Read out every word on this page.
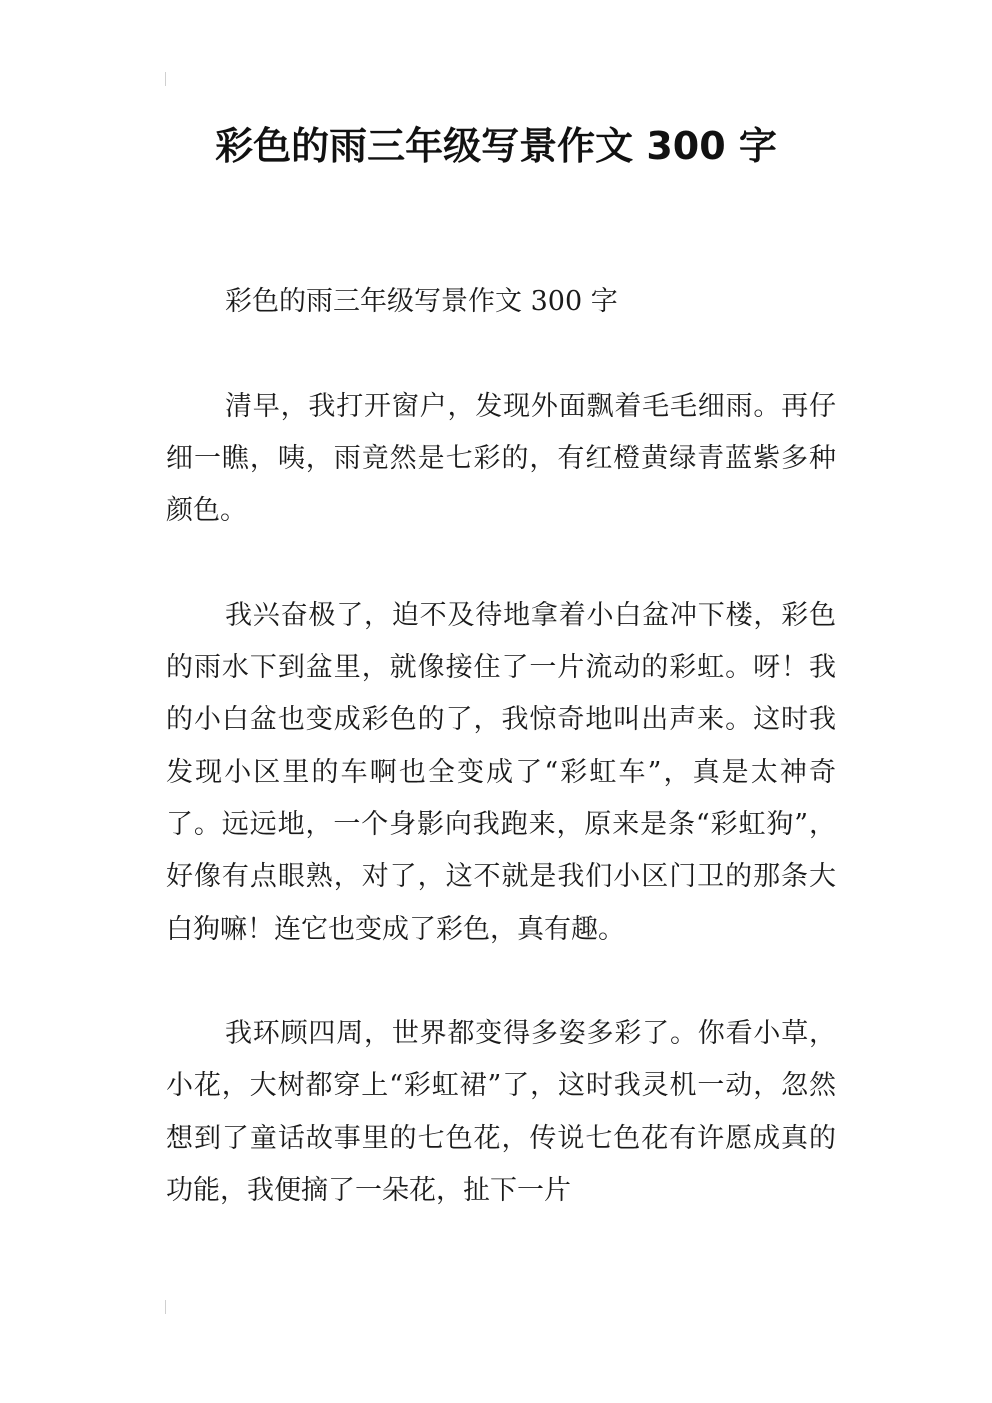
彩色的雨三年级写景作文 300 字

彩色的雨三年级写景作文 300 字

清早，我打开窗户，发现外面飘着毛毛细雨。再仔细一瞧，咦，雨竟然是七彩的，有红橙黄绿青蓝紫多种颜色。

我兴奋极了，迫不及待地拿着小白盆冲下楼，彩色的雨水下到盆里，就像接住了一片流动的彩虹。呀！我的小白盆也变成彩色的了，我惊奇地叫出声来。这时我发现小区里的车啊也全变成了“彩虹车”，真是太神奇了。远远地，一个身影向我跑来，原来是条“彩虹狗”，好像有点眼熟，对了，这不就是我们小区门卫的那条大白狗嘛！连它也变成了彩色，真有趣。

我环顾四周，世界都变得多姿多彩了。你看小草，小花，大树都穿上“彩虹裙”了，这时我灵机一动，忽然想到了童话故事里的七色花，传说七色花有许愿成真的功能，我便摘了一朵花，扯下一片
